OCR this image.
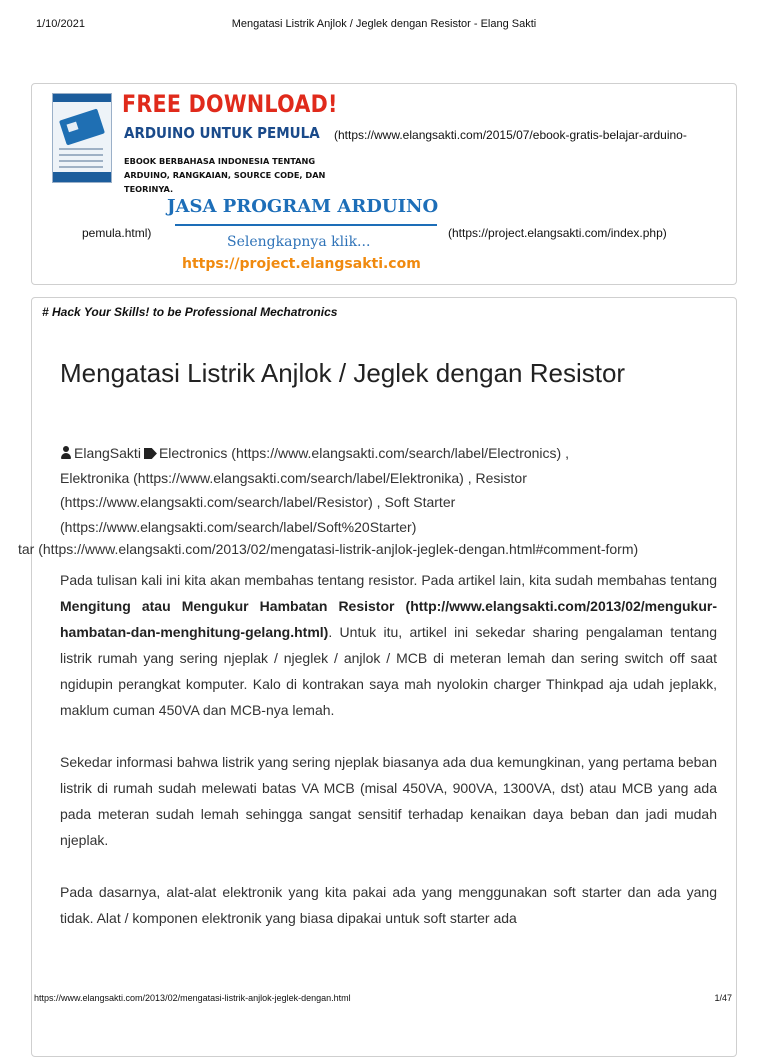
1/10/2021	Mengatasi Listrik Anjlok / Jeglek dengan Resistor - Elang Sakti
FREE DOWNLOAD!
ARDUINO UNTUK PEMULA
EBOOK BERBAHASA INDONESIA TENTANG ARDUINO, RANGKAIAN, SOURCE CODE, DAN TEORINYA.
(https://www.elangsakti.com/2015/07/ebook-gratis-belajar-arduino-
pemula.html)
JASA PROGRAM ARDUINO
Selengkapnya klik...
https://project.elangsakti.com
(https://project.elangsakti.com/index.php)
# Hack Your Skills! to be Professional Mechatronics
Mengatasi Listrik Anjlok / Jeglek dengan Resistor
ElangSakti Electronics (https://www.elangsakti.com/search/label/Electronics) ,
Elektronika (https://www.elangsakti.com/search/label/Elektronika) , Resistor
(https://www.elangsakti.com/search/label/Resistor) , Soft Starter
(https://www.elangsakti.com/search/label/Soft%20Starter)
tar (https://www.elangsakti.com/2013/02/mengatasi-listrik-anjlok-jeglek-dengan.html#comment-form)

Pada tulisan kali ini kita akan membahas tentang resistor. Pada artikel lain, kita sudah membahas tentang Mengitung atau Mengukur Hambatan Resistor (http://www.elangsakti.com/2013/02/mengukur-hambatan-dan-menghitung-gelang.html). Untuk itu, artikel ini sekedar sharing pengalaman tentang listrik rumah yang sering njeplak / njeglek / anjlok / MCB di meteran lemah dan sering switch off saat ngidupin perangkat komputer. Kalo di kontrakan saya mah nyolokin charger Thinkpad aja udah jeplakk, maklum cuman 450VA dan MCB-nya lemah.

Sekedar informasi bahwa listrik yang sering njeplak biasanya ada dua kemungkinan, yang pertama beban listrik di rumah sudah melewati batas VA MCB (misal 450VA, 900VA, 1300VA, dst) atau MCB yang ada pada meteran sudah lemah sehingga sangat sensitif terhadap kenaikan daya beban dan jadi mudah njeplak.

Pada dasarnya, alat-alat elektronik yang kita pakai ada yang menggunakan soft starter dan ada yang tidak. Alat / komponen elektronik yang biasa dipakai untuk soft starter ada

https://www.elangsakti.com/2013/02/mengatasi-listrik-anjlok-jeglek-dengan.html	1/47
